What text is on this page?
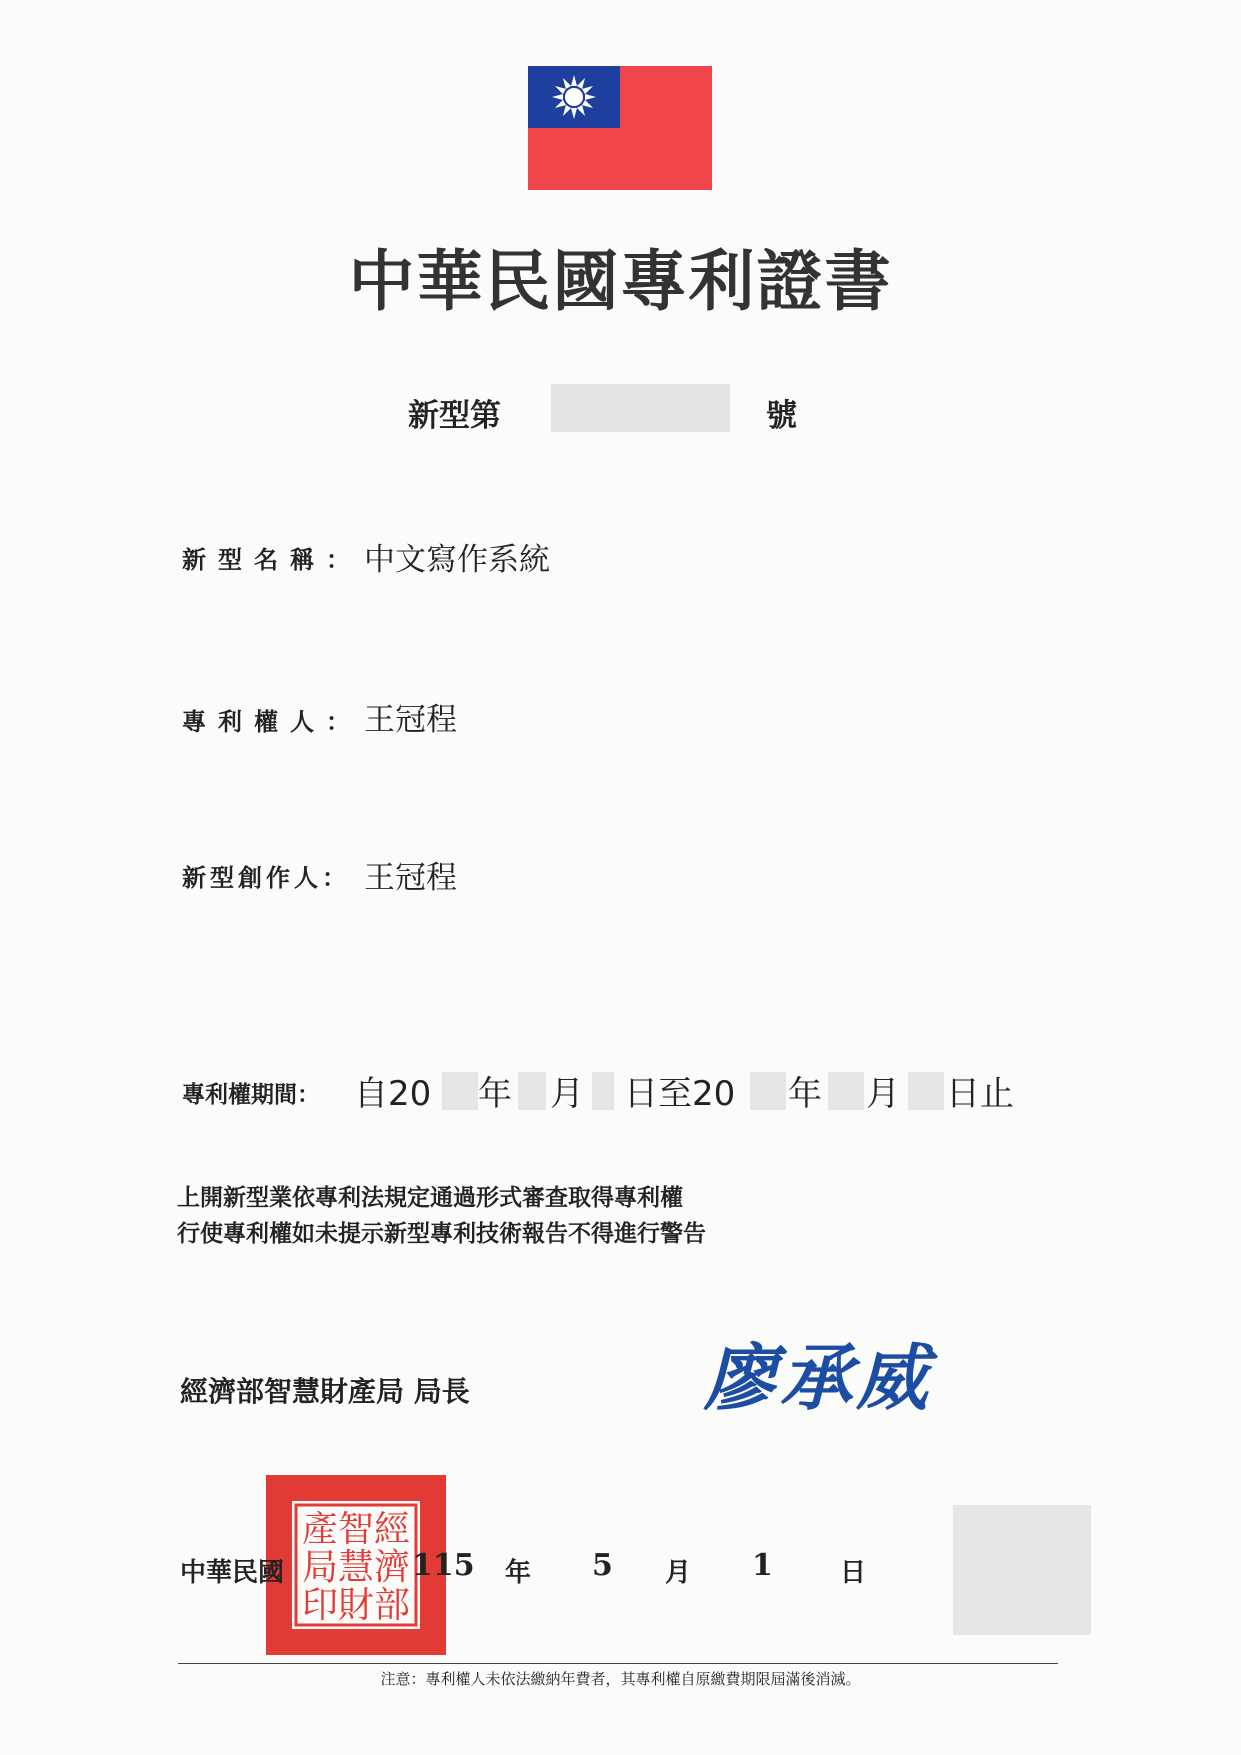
中華民國專利證書
新型第	號
新型名稱： 中文寫作系統
專利權人： 王冠程
新型創作人： 王冠程
專利權期間： 自20 年 月 日至20 年 月 日止
上開新型業依專利法規定通過形式審查取得專利權
行使專利權如未提示新型專利技術報告不得進行警告
經濟部智慧財產局 局長	廖承威
經
濟
部
智
慧
財
產
局
印
中華民國	115 年 5 月 1	日
注意：專利權人未依法繳納年費者，其專利權自原繳費期限屆滿後消滅。
